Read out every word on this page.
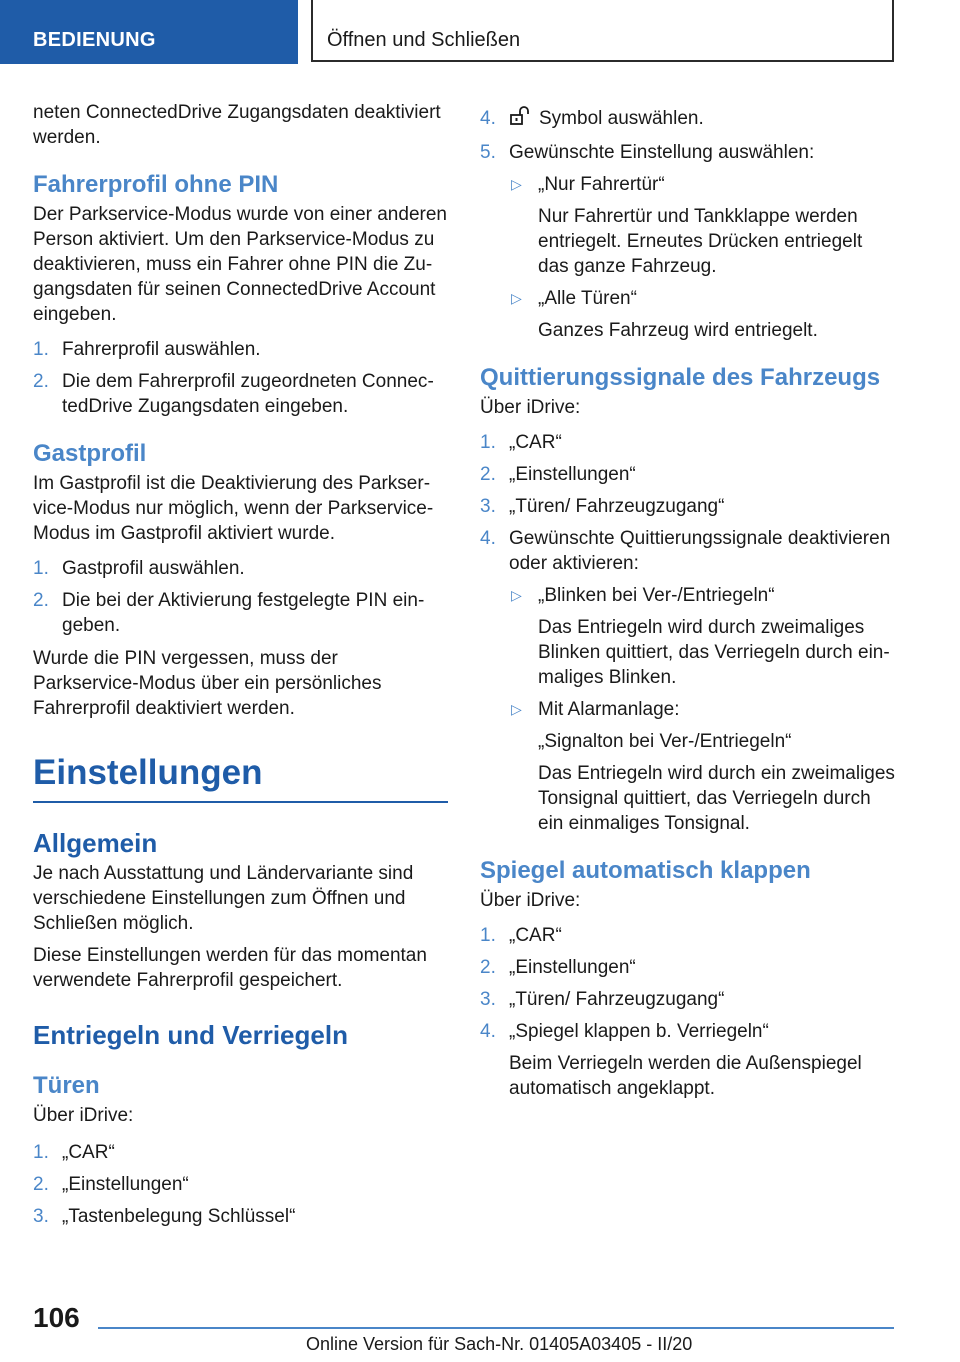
BEDIENUNG	Öffnen und Schließen

neten ConnectedDrive Zugangsdaten deaktiviert werden.

Fahrerprofil ohne PIN

Der Parkservice-Modus wurde von einer anderen Person aktiviert. Um den Parkservice-Modus zu deaktivieren, muss ein Fahrer ohne PIN die Zugangsdaten für seinen ConnectedDrive Account eingeben.

1. Fahrerprofil auswählen.
2. Die dem Fahrerprofil zugeordneten ConnectedDrive Zugangsdaten eingeben.
Gastprofil

Im Gastprofil ist die Deaktivierung des Parkservice-Modus nur möglich, wenn der Parkservice-Modus im Gastprofil aktiviert wurde.

1. Gastprofil auswählen.
2. Die bei der Aktivierung festgelegte PIN eingeben.

Wurde die PIN vergessen, muss der Parkservice-Modus über ein persönliches Fahrerprofil deaktiviert werden.

Einstellungen
Allgemein

Je nach Ausstattung und Ländervariante sind verschiedene Einstellungen zum Öffnen und Schließen möglich.

Diese Einstellungen werden für das momentan verwendete Fahrerprofil gespeichert.

Entriegeln und Verriegeln
Türen

Über iDrive:

1. „CAR“
2. „Einstellungen“
3. „Tastenbelegung Schlüssel“
4. Symbol auswählen.
5. Gewünschte Einstellung auswählen:
▷ „Nur Fahrertür“

Nur Fahrertür und Tankklappe werden entriegelt. Erneutes Drücken entriegelt das ganze Fahrzeug.

▷ „Alle Türen“

Ganzes Fahrzeug wird entriegelt.

Quittierungssignale des Fahrzeugs

Über iDrive:

1. „CAR“
2. „Einstellungen“
3. „Türen/ Fahrzeugzugang“
4. Gewünschte Quittierungssignale deaktivieren oder aktivieren:
▷ „Blinken bei Ver-/Entriegeln“

Das Entriegeln wird durch zweimaliges Blinken quittiert, das Verriegeln durch einmaliges Blinken.

▷ Mit Alarmanlage:

„Signalton bei Ver-/Entriegeln“

Das Entriegeln wird durch ein zweimaliges Tonsignal quittiert, das Verriegeln durch ein einmaliges Tonsignal.

Spiegel automatisch klappen

Über iDrive:

1. „CAR“
2. „Einstellungen“
3. „Türen/ Fahrzeugzugang“
4. „Spiegel klappen b. Verriegeln“

Beim Verriegeln werden die Außenspiegel automatisch angeklappt.

106
Online Version für Sach-Nr. 01405A03405 - II/20
